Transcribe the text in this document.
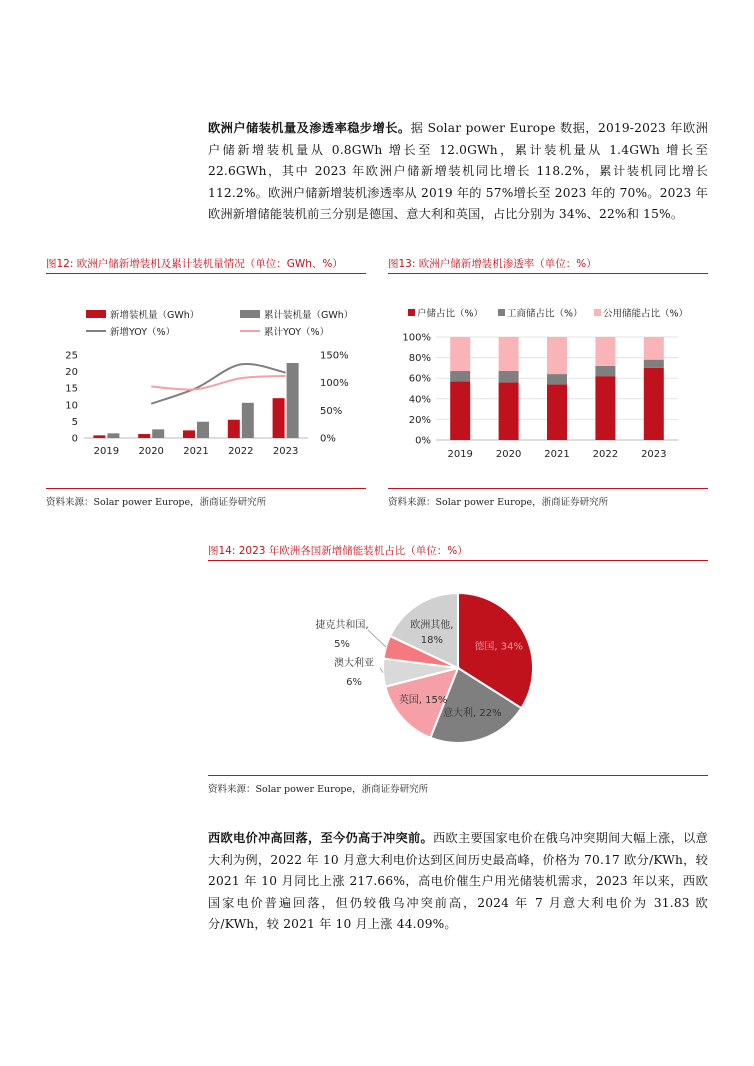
欧洲户储装机量及渗透率稳步增长。据 Solar power Europe 数据，2019-2023 年欧洲户储新增装机量从 0.8GWh 增长至 12.0GWh，累计装机量从 1.4GWh 增长至 22.6GWh，其中 2023 年欧洲户储新增装机同比增长 118.2%，累计装机同比增长 112.2%。欧洲户储新增装机渗透率从 2019 年的 57%增长至 2023 年的 70%。2023 年欧洲新增储能装机前三分别是德国、意大利和英国，占比分别为 34%、22%和 15%。
图12: 欧洲户储新增装机及累计装机量情况（单位：GWh、%）
新增装机量（GWh）	累计装机量（GWh）
新增YOY（%）	累计YOY（%）
0
5
10
15
20
25
0%
50%
100%
150%
2019 2020 2021 2022 2023
资料来源：Solar power Europe，浙商证券研究所
图13: 欧洲户储新增装机渗透率（单位：%）
户储占比（%）	工商储占比（%） 公用储能占比（%）
0%
20%
40%
60%
80%
100%
2019 2020 2021 2022 2023
资料来源：Solar power Europe，浙商证券研究所
图14: 2023 年欧洲各国新增储能装机占比（单位：%）
德国, 34%
意大利, 22%
英国, 15%
欧洲其他,
18%
澳大利亚
6%
捷克共和国,
5%
资料来源：Solar power Europe，浙商证券研究所
西欧电价冲高回落，至今仍高于冲突前。西欧主要国家电价在俄乌冲突期间大幅上涨，以意大利为例，2022 年 10 月意大利电价达到区间历史最高峰，价格为 70.17 欧分/KWh，较 2021 年 10 月同比上涨 217.66%，高电价催生户用光储装机需求，2023 年以来，西欧国家电价普遍回落，但仍较俄乌冲突前高，2024 年 7 月意大利电价为 31.83 欧分/KWh，较 2021 年 10 月上涨 44.09%。
